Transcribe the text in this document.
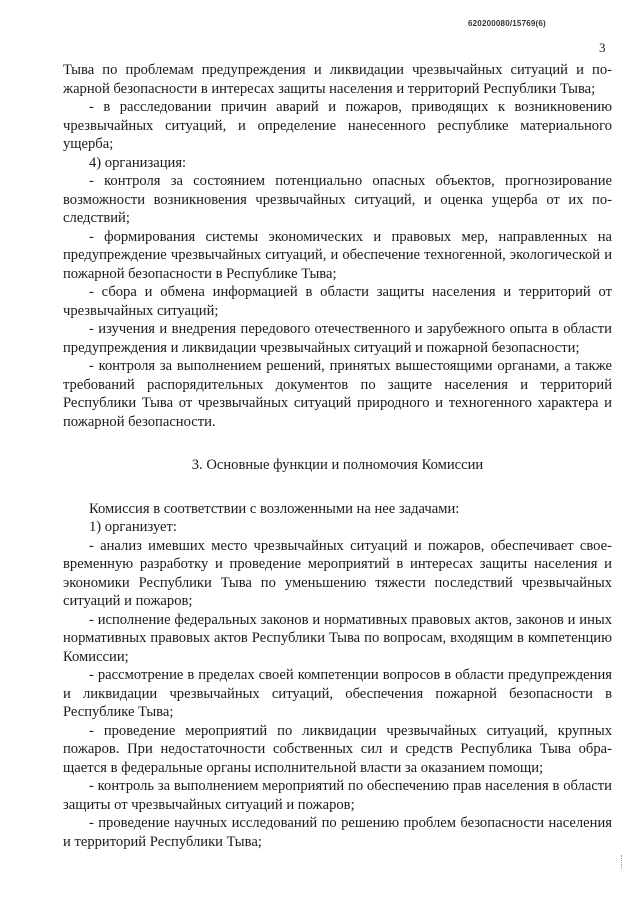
620200080/15769(6)
3

Тыва по проблемам предупреждения и ликвидации чрезвычайных ситуаций и пожарной безопасности в интересах защиты населения и территорий Республики Тыва;

- в расследовании причин аварий и пожаров, приводящих к возникновению чрезвычайных ситуаций, и определение нанесенного республике материального ущерба;

4) организация:

- контроля за состоянием потенциально опасных объектов, прогнозирование возможности возникновения чрезвычайных ситуаций, и оценка ущерба от их последствий;

- формирования системы экономических и правовых мер, направленных на предупреждение чрезвычайных ситуаций, и обеспечение техногенной, экологической и пожарной безопасности в Республике Тыва;

- сбора и обмена информацией в области защиты населения и территорий от чрезвычайных ситуаций;

- изучения и внедрения передового отечественного и зарубежного опыта в области предупреждения и ликвидации чрезвычайных ситуаций и пожарной безопасности;

- контроля за выполнением решений, принятых вышестоящими органами, а также требований распорядительных документов по защите населения и территорий Республики Тыва от чрезвычайных ситуаций природного и техногенного характера и пожарной безопасности.

3. Основные функции и полномочия Комиссии

Комиссия в соответствии с возложенными на нее задачами:

1) организует:

- анализ имевших место чрезвычайных ситуаций и пожаров, обеспечивает своевременную разработку и проведение мероприятий в интересах защиты населения и экономики Республики Тыва по уменьшению тяжести последствий чрезвычайных ситуаций и пожаров;

- исполнение федеральных законов и нормативных правовых актов, законов и иных нормативных правовых актов Республики Тыва по вопросам, входящим в компетенцию Комиссии;

- рассмотрение в пределах своей компетенции вопросов в области предупреждения и ликвидации чрезвычайных ситуаций, обеспечения пожарной безопасности в Республике Тыва;

- проведение мероприятий по ликвидации чрезвычайных ситуаций, крупных пожаров. При недостаточности собственных сил и средств Республика Тыва обращается в федеральные органы исполнительной власти за оказанием помощи;

- контроль за выполнением мероприятий по обеспечению прав населения в области защиты от чрезвычайных ситуаций и пожаров;

- проведение научных исследований по решению проблем безопасности населения и территорий Республики Тыва;
